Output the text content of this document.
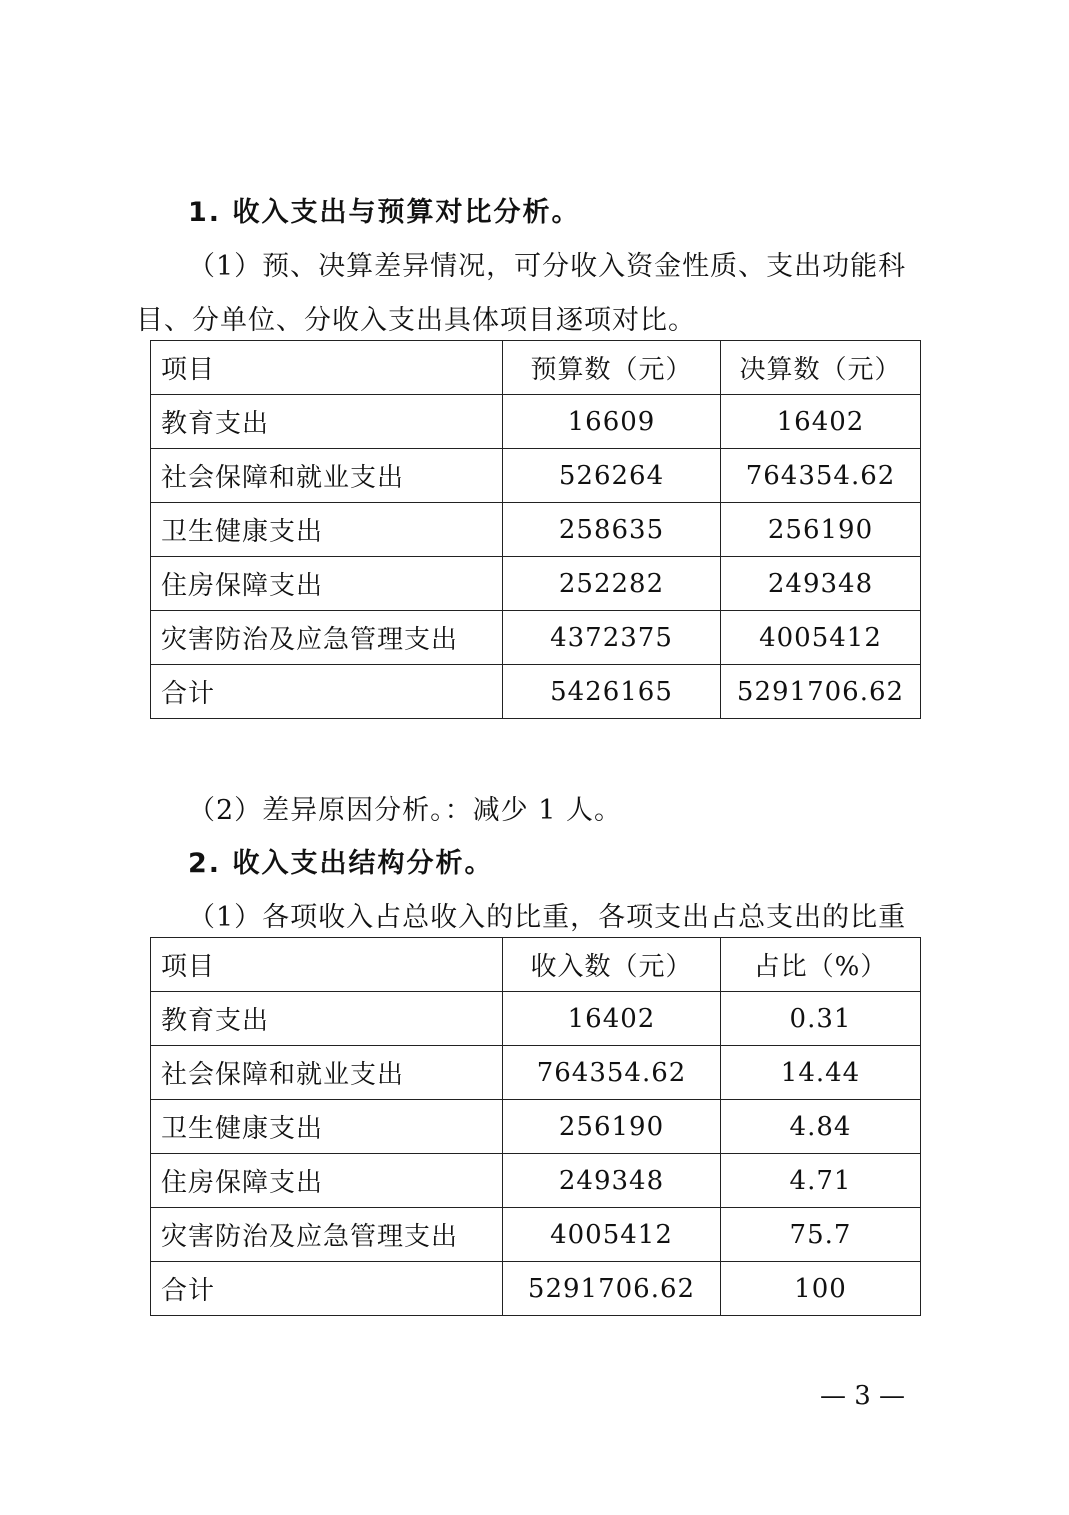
1. 收入支出与预算对比分析。
（1）预、决算差异情况，可分收入资金性质、支出功能科
目、分单位、分收入支出具体项目逐项对比。
项目	预算数（元）	决算数（元）
教育支出	16609	16402
社会保障和就业支出	526264	764354.62
卫生健康支出	258635	256190
住房保障支出	252282	249348
灾害防治及应急管理支出	4372375	4005412
合计	5426165	5291706.62
（2）差异原因分析。：减少 1 人。
2. 收入支出结构分析。
（1）各项收入占总收入的比重，各项支出占总支出的比重
项目	收入数（元）	占比（%）
教育支出	16402	0.31
社会保障和就业支出	764354.62	14.44
卫生健康支出	256190	4.84
住房保障支出	249348	4.71
灾害防治及应急管理支出	4005412	75.7
合计	5291706.62	100
— 3 —
